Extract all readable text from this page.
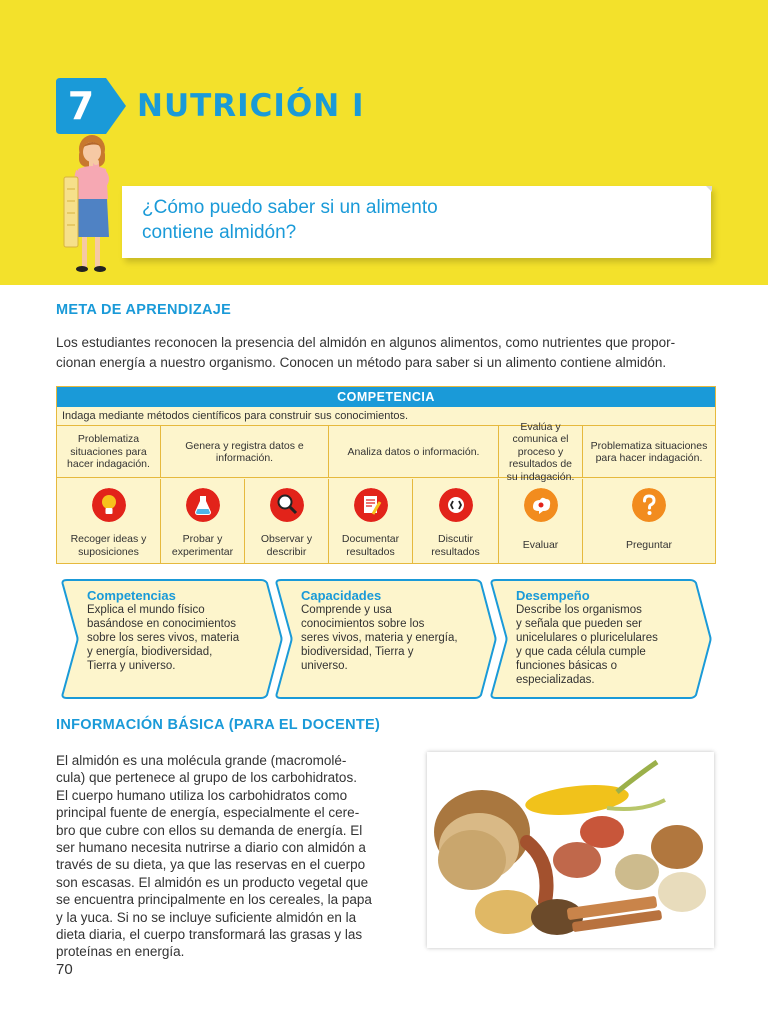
7	NUTRICIÓN I
¿Cómo puedo saber si un alimento
contiene almidón?
META DE APRENDIZAJE
Los estudiantes reconocen la presencia del almidón en algunos alimentos, como nutrientes que propor-
cionan energía a nuestro organismo. Conocen un método para saber si un alimento contiene almidón.
COMPETENCIA
Indaga mediante métodos científicos para construir sus conocimientos.
Problematiza situaciones para hacer indagación.
Genera y registra datos e información.
Analiza datos o información.
Evalúa y comunica el proceso y resultados de su indagación.
Problematiza situaciones para hacer indagación.
Recoger ideas y
suposiciones
Probar y
experimentar
Observar y
describir
Documentar
resultados
Discutir
resultados
Evaluar	Preguntar
Competencias
Explica el mundo físico
basándose en conocimientos
sobre los seres vivos, materia
y energía, biodiversidad,
Tierra y universo.
Capacidades
Comprende y usa
conocimientos sobre los
seres vivos, materia y energía,
biodiversidad, Tierra y
universo.
Desempeño
Describe los organismos
y señala que pueden ser
unicelulares o pluricelulares
y que cada célula cumple
funciones básicas o
especializadas.
INFORMACIÓN BÁSICA (PARA EL DOCENTE)
El almidón es una molécula grande (macromolé-
cula) que pertenece al grupo de los carbohidratos.
El cuerpo humano utiliza los carbohidratos como
principal fuente de energía, especialmente el cere-
bro que cubre con ellos su demanda de energía. El
ser humano necesita nutrirse a diario con almidón a
través de su dieta, ya que las reservas en el cuerpo
son escasas. El almidón es un producto vegetal que
se encuentra principalmente en los cereales, la papa
y la yuca. Si no se incluye suficiente almidón en la
dieta diaria, el cuerpo transformará las grasas y las
proteínas en energía.
70
